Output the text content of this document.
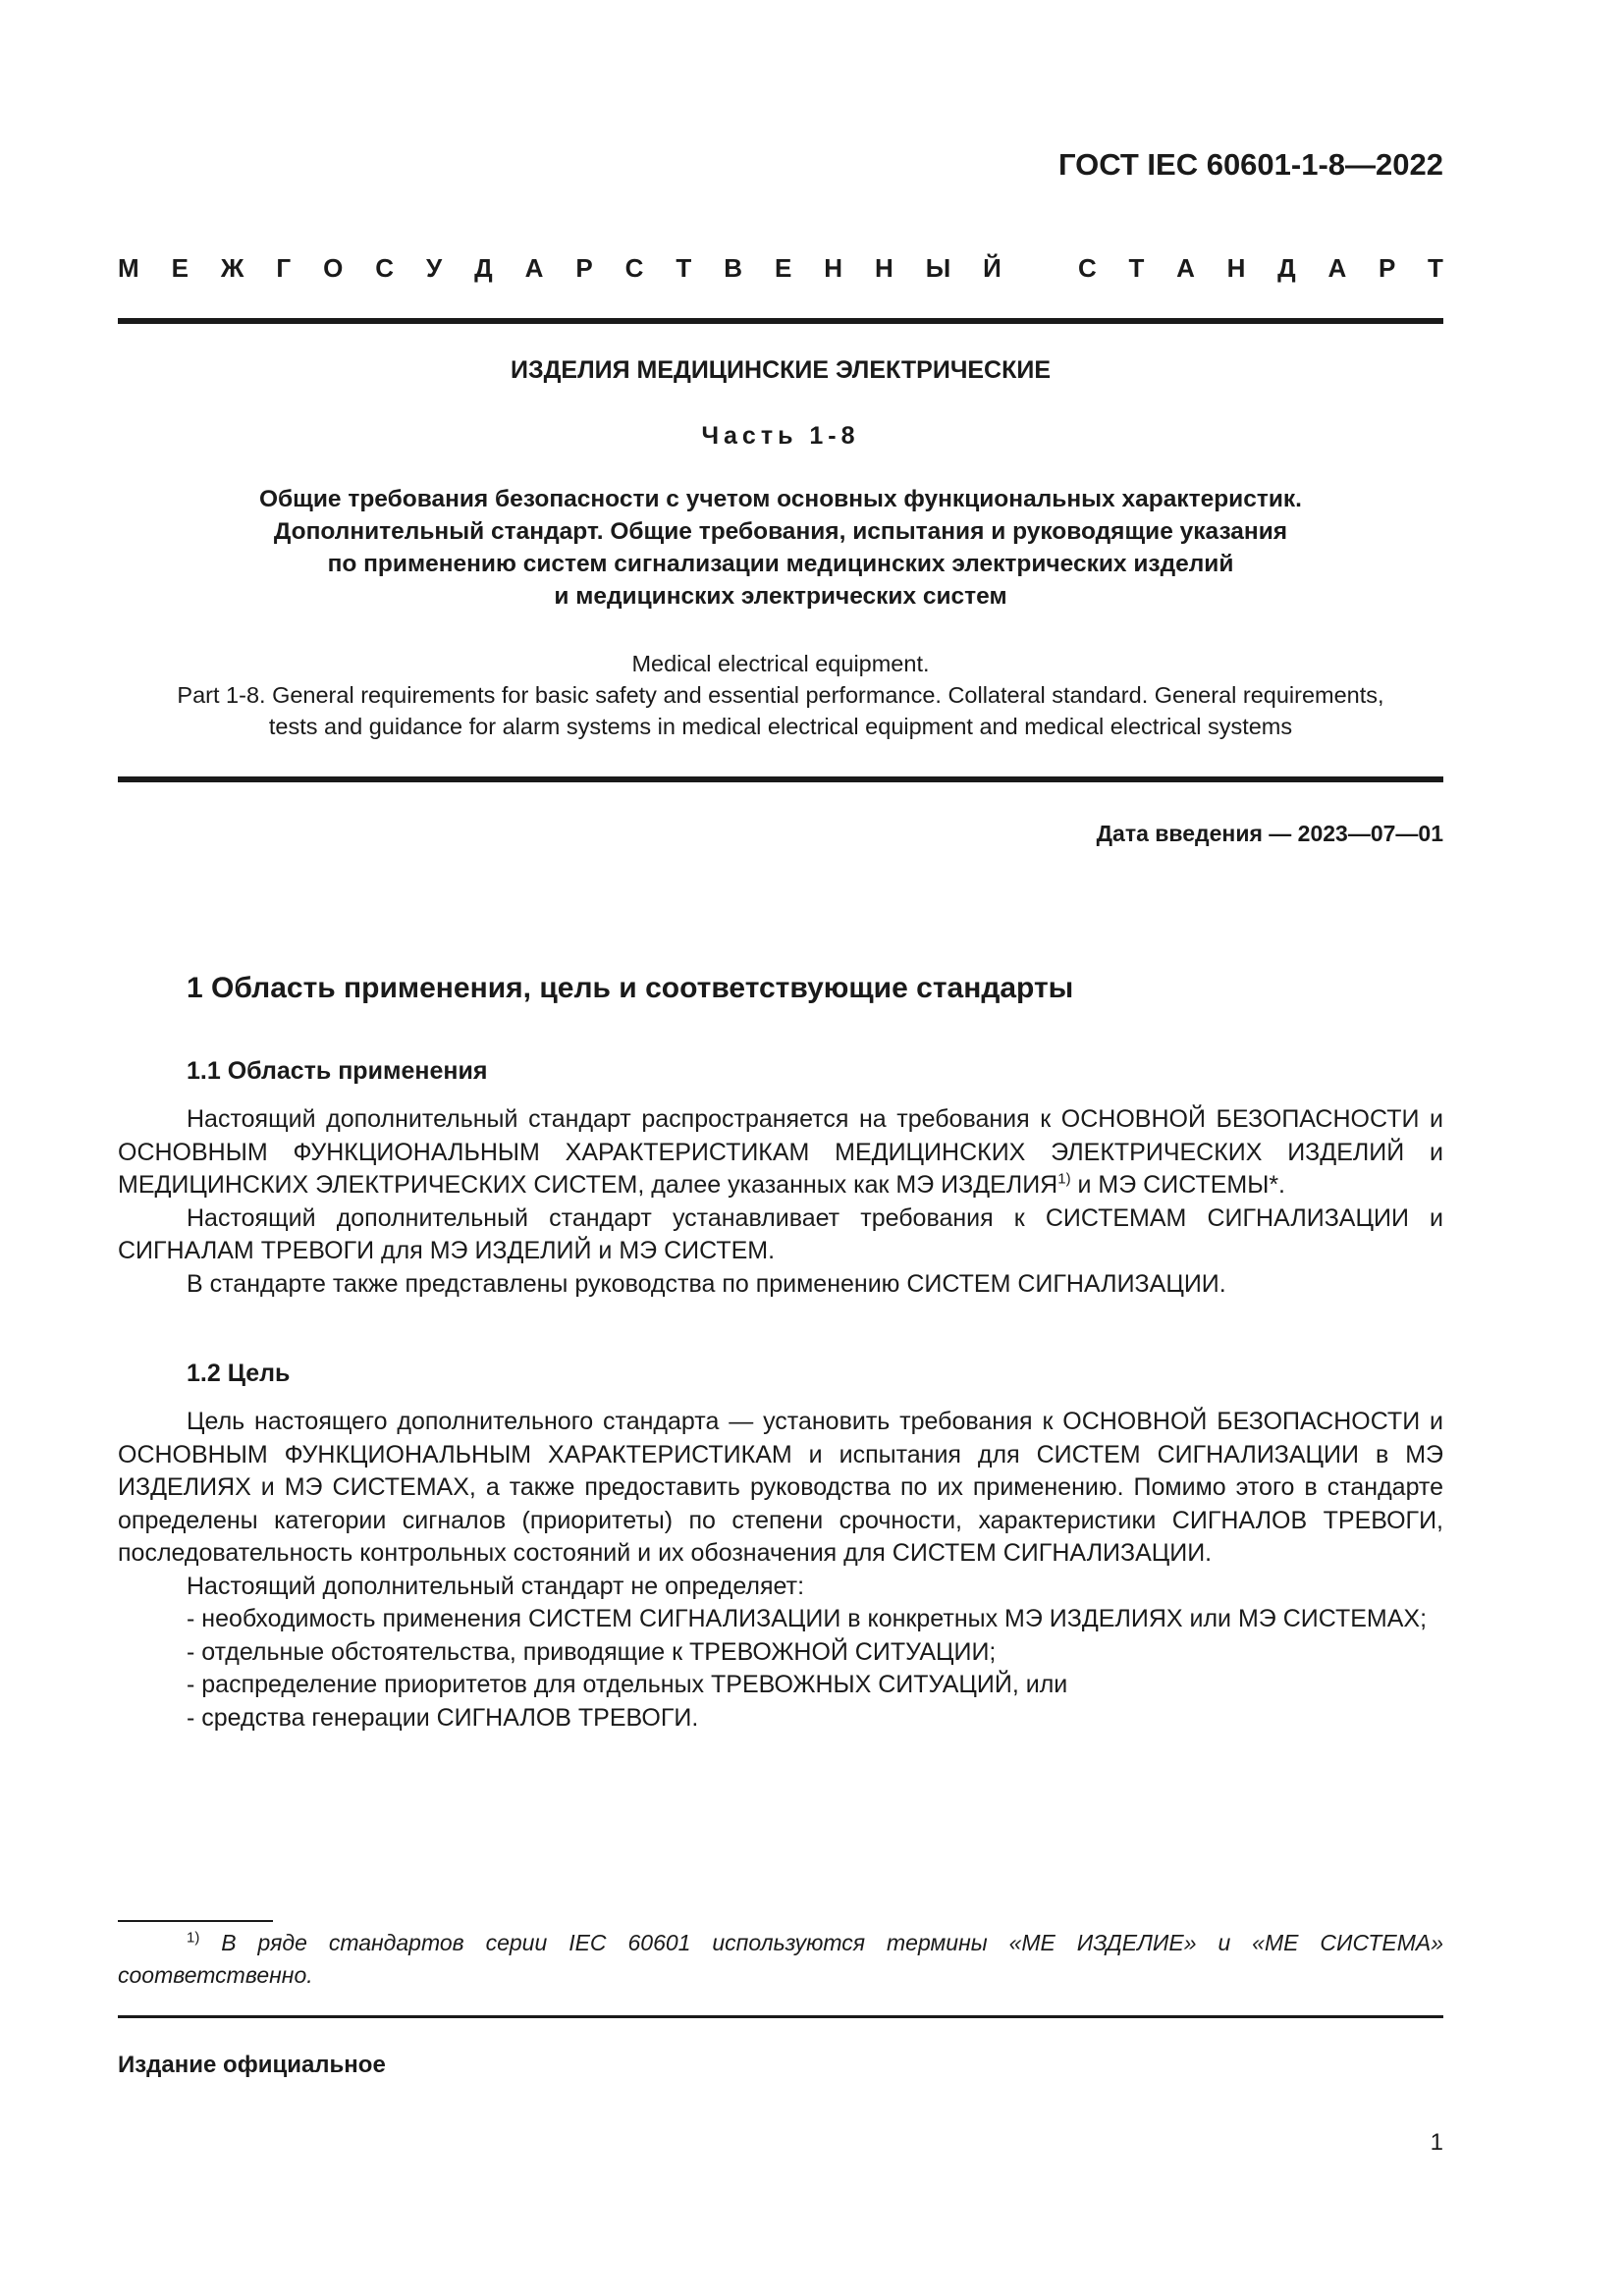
ГОСТ IEC 60601-1-8—2022
М Е Ж Г О С У Д А Р С Т В Е Н Н Ы Й	С Т А Н Д А Р Т
ИЗДЕЛИЯ МЕДИЦИНСКИЕ ЭЛЕКТРИЧЕСКИЕ
Часть 1-8
Общие требования безопасности с учетом основных функциональных характеристик.
Дополнительный стандарт. Общие требования, испытания и руководящие указания
по применению систем сигнализации медицинских электрических изделий
и медицинских электрических систем
Medical electrical equipment.
Part 1-8. General requirements for basic safety and essential performance. Collateral standard. General requirements,
tests and guidance for alarm systems in medical electrical equipment and medical electrical systems
Дата введения — 2023—07—01
1 Область применения, цель и соответствующие стандарты
1.1 Область применения

Настоящий дополнительный стандарт распространяется на требования к ОСНОВНОЙ БЕЗОПАСНОСТИ и ОСНОВНЫМ ФУНКЦИОНАЛЬНЫМ ХАРАКТЕРИСТИКАМ МЕДИЦИНСКИХ ЭЛЕКТРИЧЕСКИХ ИЗДЕЛИЙ и МЕДИЦИНСКИХ ЭЛЕКТРИЧЕСКИХ СИСТЕМ, далее указанных как МЭ ИЗДЕЛИЯ$^{1)}$ и МЭ СИСТЕМЫ*.

Настоящий дополнительный стандарт устанавливает требования к СИСТЕМАМ СИГНАЛИЗАЦИИ и СИГНАЛАМ ТРЕВОГИ для МЭ ИЗДЕЛИЙ и МЭ СИСТЕМ.

В стандарте также представлены руководства по применению СИСТЕМ СИГНАЛИЗАЦИИ.

1.2 Цель

Цель настоящего дополнительного стандарта — установить требования к ОСНОВНОЙ БЕЗОПАСНОСТИ и ОСНОВНЫМ ФУНКЦИОНАЛЬНЫМ ХАРАКТЕРИСТИКАМ и испытания для СИСТЕМ СИГНАЛИЗАЦИИ в МЭ ИЗДЕЛИЯХ и МЭ СИСТЕМАХ, а также предоставить руководства по их применению. Помимо этого в стандарте определены категории сигналов (приоритеты) по степени срочности, характеристики СИГНАЛОВ ТРЕВОГИ, последовательность контрольных состояний и их обозначения для СИСТЕМ СИГНАЛИЗАЦИИ.

Настоящий дополнительный стандарт не определяет:

- необходимость применения СИСТЕМ СИГНАЛИЗАЦИИ в конкретных МЭ ИЗДЕЛИЯХ или МЭ СИСТЕМАХ;

- отдельные обстоятельства, приводящие к ТРЕВОЖНОЙ СИТУАЦИИ;

- распределение приоритетов для отдельных ТРЕВОЖНЫХ СИТУАЦИЙ, или

- средства генерации СИГНАЛОВ ТРЕВОГИ.

$^{1)}$ В ряде стандартов серии IEC 60601 используются термины «МЕ ИЗДЕЛИЕ» и «МЕ СИСТЕМА» соответственно.

Издание официальное
1
